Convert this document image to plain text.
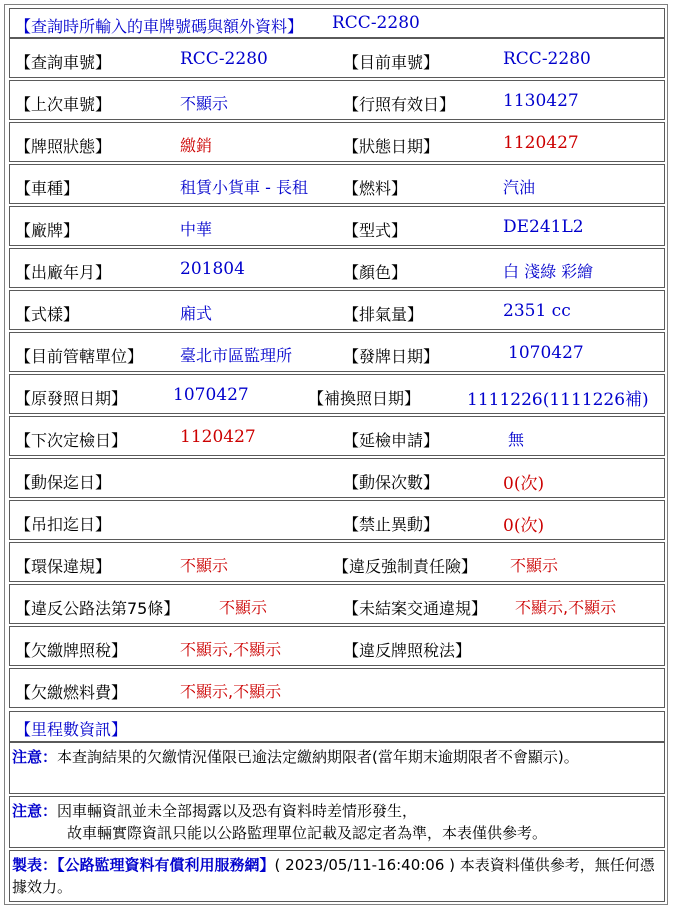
【查詢時所輸入的車牌號碼與額外資料】 RCC-2280
【查詢車號】	RCC-2280	【目前車號】	RCC-2280
【上次車號】	不顯示	【行照有效日】	1130427
【牌照狀態】	繳銷	【狀態日期】	1120427
【車種】	租賃小貨車 - 長租 【燃料】	汽油
【廠牌】	中華	【型式】	DE241L2
【出廠年月】	201804	【顏色】	白 淺綠 彩繪
【式樣】	廂式	【排氣量】	2351 cc
【目前管轄單位】 臺北市區監理所	【發牌日期】	1070427
【原發照日期】	1070427	【補換照日期】	1111226(1111226補)
【下次定檢日】	1120427	【延檢申請】	無
【動保迄日】	【動保次數】	0(次)
【吊扣迄日】	【禁止異動】	0(次)
【環保違規】	不顯示	【違反強制責任險】 不顯示
【違反公路法第75條】 不顯示	【未結案交通違規】 不顯示,不顯示
【欠繳牌照稅】	不顯示,不顯示	【違反牌照稅法】
【欠繳燃料費】	不顯示,不顯示
【里程數資訊】
注意：本查詢結果的欠繳情況僅限已逾法定繳納期限者(當年期末逾期限者不會顯示)。
注意：因車輛資訊並未全部揭露以及恐有資料時差情形發生，
故車輛實際資訊只能以公路監理單位記載及認定者為準，本表僅供參考。
製表：【公路監理資料有償利用服務網】( 2023/05/11-16:40:06 ) 本表資料僅供參考，無任何憑據效力。
